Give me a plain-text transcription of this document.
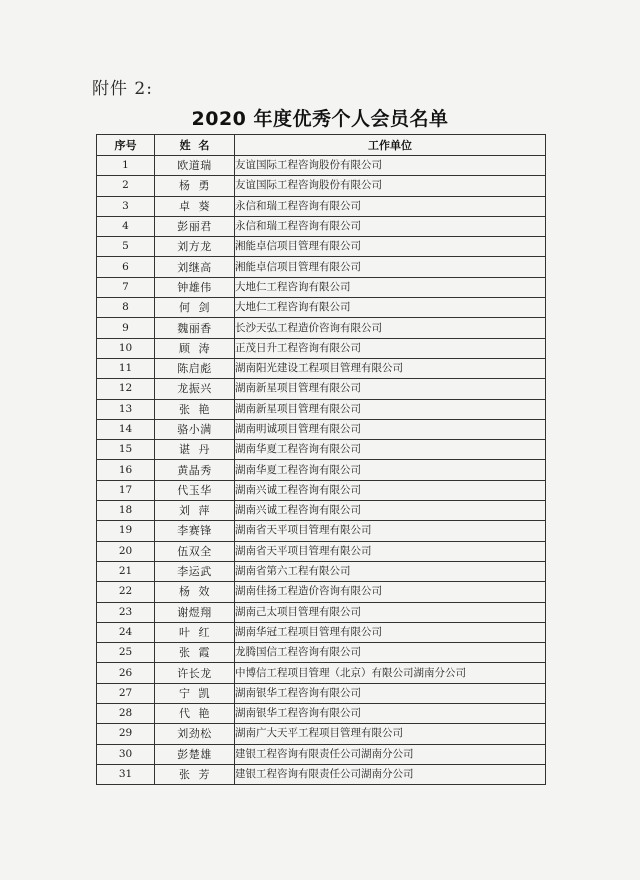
附件 2:
2020 年度优秀个人会员名单
序号	姓  名	工作单位
1	欧道瑞	友谊国际工程咨询股份有限公司
2	杨  勇	友谊国际工程咨询股份有限公司
3	卓  葵	永信和瑞工程咨询有限公司
4	彭丽君	永信和瑞工程咨询有限公司
5	刘方龙	湘能卓信项目管理有限公司
6	刘继高	湘能卓信项目管理有限公司
7	钟雄伟	大地仁工程咨询有限公司
8	何  剑	大地仁工程咨询有限公司
9	魏丽香	长沙天弘工程造价咨询有限公司
10	顾  涛	正茂日升工程咨询有限公司
11	陈启彪	湖南阳光建设工程项目管理有限公司
12	龙振兴	湖南新星项目管理有限公司
13	张  艳	湖南新星项目管理有限公司
14	骆小满	湖南明诚项目管理有限公司
15	谌  丹	湖南华夏工程咨询有限公司
16	黄晶秀	湖南华夏工程咨询有限公司
17	代玉华	湖南兴诚工程咨询有限公司
18	刘  萍	湖南兴诚工程咨询有限公司
19	李赛锋	湖南省天平项目管理有限公司
20	伍双全	湖南省天平项目管理有限公司
21	李运武	湖南省第六工程有限公司
22	杨  效	湖南佳扬工程造价咨询有限公司
23	谢煜翔	湖南己太项目管理有限公司
24	叶  红	湖南华冠工程项目管理有限公司
25	张  霞	龙腾国信工程咨询有限公司
26	许长龙	中博信工程项目管理（北京）有限公司湖南分公司
27	宁  凯	湖南银华工程咨询有限公司
28	代  艳	湖南银华工程咨询有限公司
29	刘劲松	湖南广大天平工程项目管理有限公司
30	彭楚雄	建银工程咨询有限责任公司湖南分公司
31	张  芳	建银工程咨询有限责任公司湖南分公司
